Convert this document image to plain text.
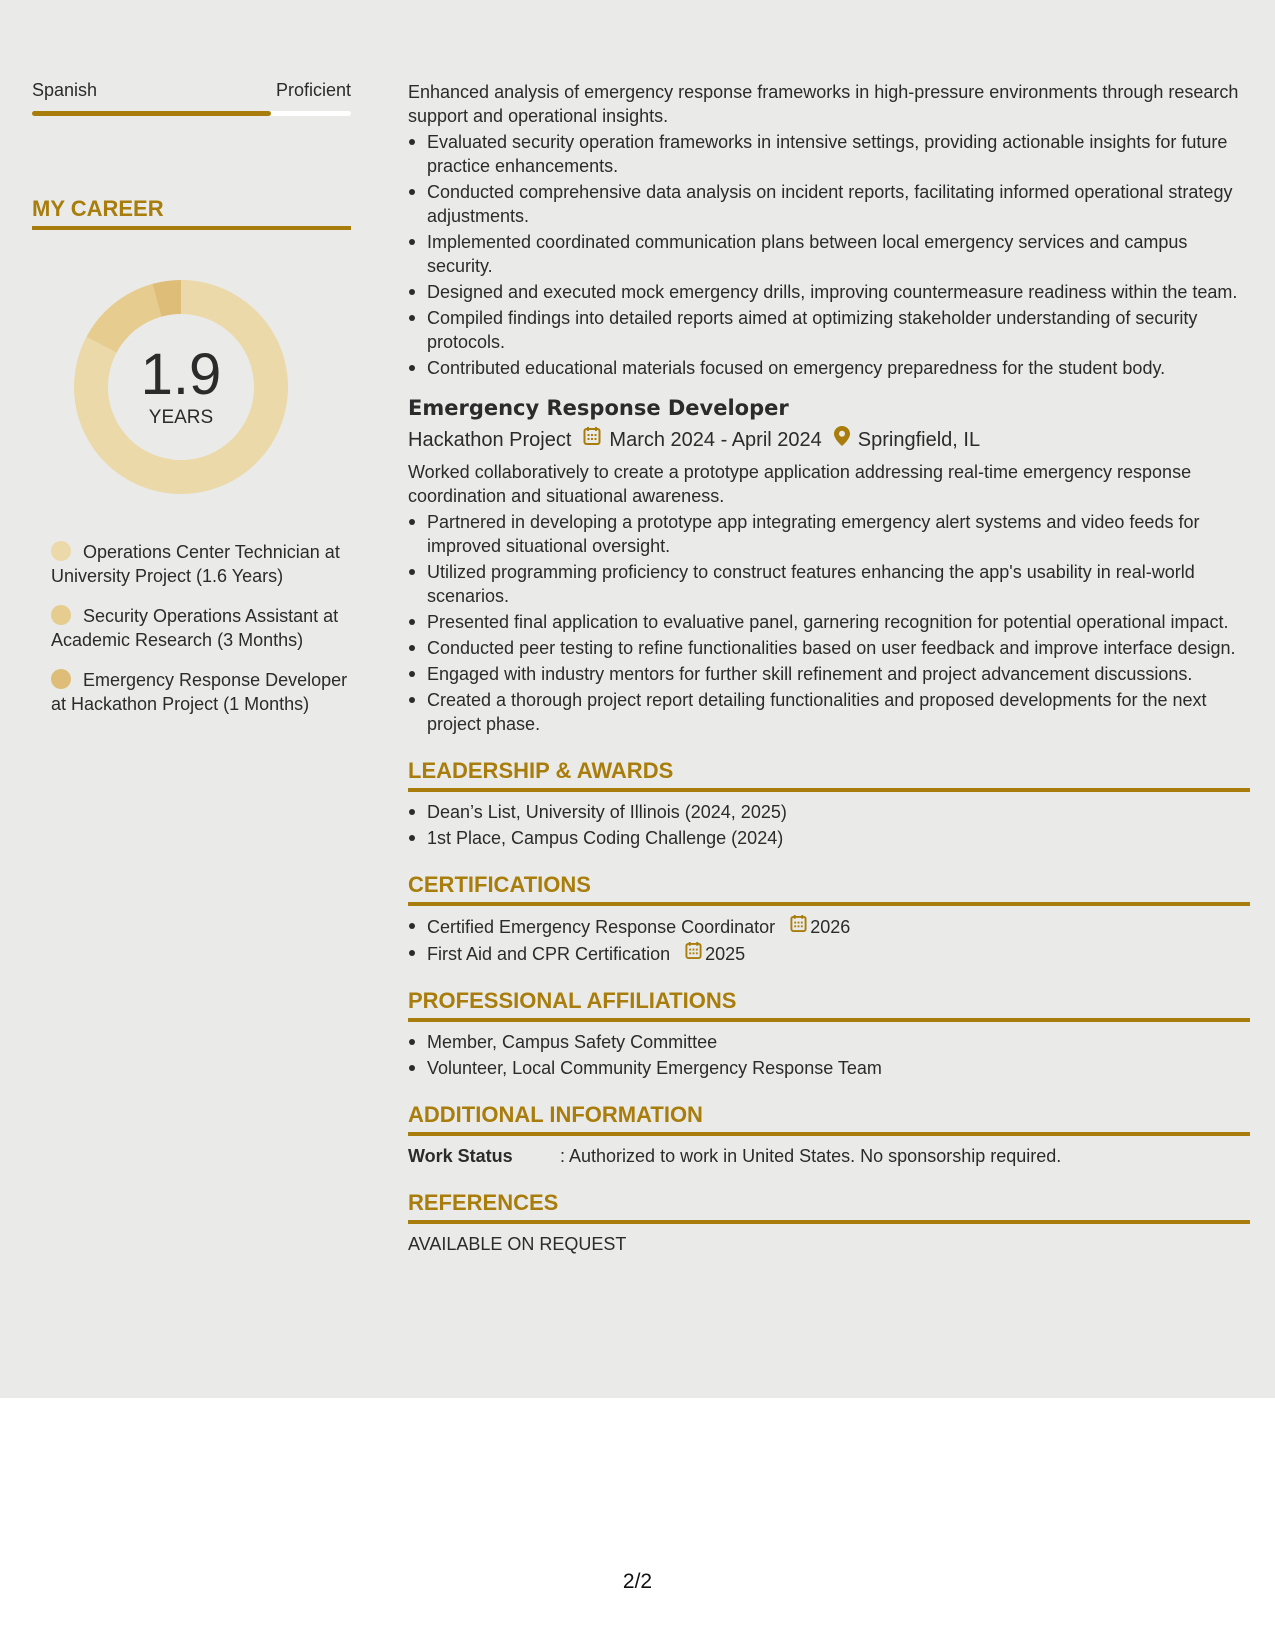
Spanish	Proficient
MY CAREER
1.9
YEARS
Operations Center Technician at University Project (1.6 Years)
Security Operations Assistant at Academic Research (3 Months)
Emergency Response Developer at Hackathon Project (1 Months)

Enhanced analysis of emergency response frameworks in high-pressure environments through research support and operational insights.

Evaluated security operation frameworks in intensive settings, providing actionable insights for future practice enhancements.
Conducted comprehensive data analysis on incident reports, facilitating informed operational strategy adjustments.
Implemented coordinated communication plans between local emergency services and campus security.
Designed and executed mock emergency drills, improving countermeasure readiness within the team.
Compiled findings into detailed reports aimed at optimizing stakeholder understanding of security protocols.
Contributed educational materials focused on emergency preparedness for the student body.
Emergency Response Developer
Hackathon Project March 2024 - April 2024 Springfield, IL

Worked collaboratively to create a prototype application addressing real-time emergency response coordination and situational awareness.

Partnered in developing a prototype app integrating emergency alert systems and video feeds for improved situational oversight.
Utilized programming proficiency to construct features enhancing the app's usability in real-world scenarios.
Presented final application to evaluative panel, garnering recognition for potential operational impact.
Conducted peer testing to refine functionalities based on user feedback and improve interface design.
Engaged with industry mentors for further skill refinement and project advancement discussions.
Created a thorough project report detailing functionalities and proposed developments for the next project phase.
LEADERSHIP & AWARDS
Dean’s List, University of Illinois (2024, 2025)
1st Place, Campus Coding Challenge (2024)
CERTIFICATIONS
Certified Emergency Response Coordinator 2026
First Aid and CPR Certification 2025
PROFESSIONAL AFFILIATIONS
Member, Campus Safety Committee
Volunteer, Local Community Emergency Response Team
ADDITIONAL INFORMATION
Work Status	: Authorized to work in United States. No sponsorship required.
REFERENCES

AVAILABLE ON REQUEST

2/2
